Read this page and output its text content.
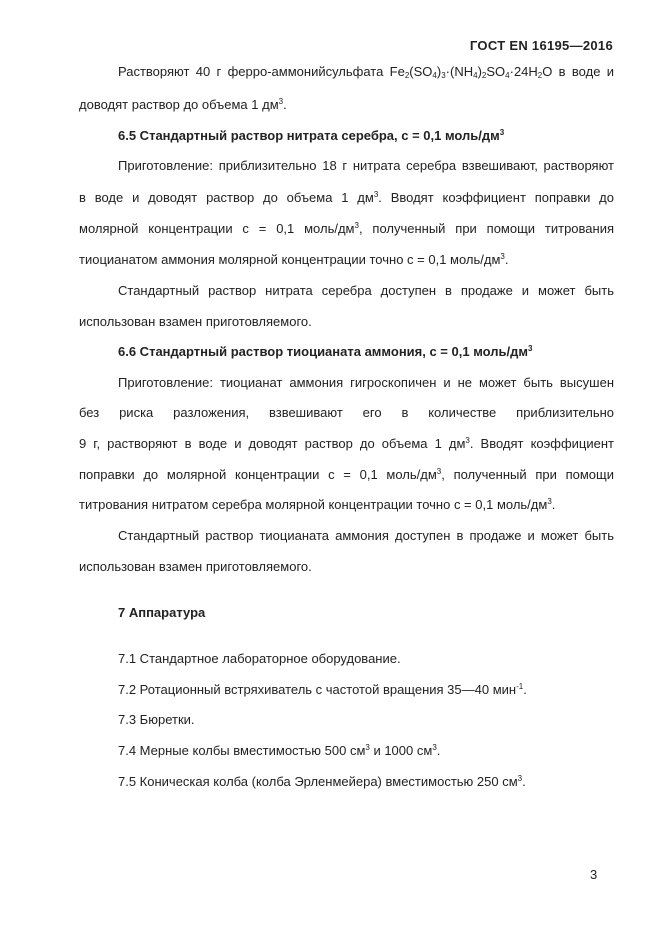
ГОСТ EN 16195—2016
Растворяют 40 г ферро-аммонийсульфата $Fe_2(SO_4)_3\cdot(NH_4)_2SO_4\cdot 24H_2O$ в воде и
доводят раствор до объема 1 $дм^3$.
6.5 Стандартный раствор нитрата серебра, c = 0,1 моль/$дм^3$
Приготовление: приблизительно 18 г нитрата серебра взвешивают, растворяют
в воде и доводят раствор до объема 1 $дм^3$. Вводят коэффициент поправки до
молярной концентрации c = 0,1 моль/$дм^3$, полученный при помощи титрования
тиоцианатом аммония молярной концентрации точно c = 0,1 моль/$дм^3$.
Стандартный раствор нитрата серебра доступен в продаже и может быть
использован взамен приготовляемого.
6.6 Стандартный раствор тиоцианата аммония, c = 0,1 моль/$дм^3$
Приготовление: тиоцианат аммония гигроскопичен и не может быть высушен
без риска разложения, взвешивают его в количестве приблизительно
9 г, растворяют в воде и доводят раствор до объема 1 $дм^3$. Вводят коэффициент
поправки до молярной концентрации c = 0,1 моль/$дм^3$, полученный при помощи
титрования нитратом серебра молярной концентрации точно c = 0,1 моль/$дм^3$.
Стандартный раствор тиоцианата аммония доступен в продаже и может быть
использован взамен приготовляемого.
7 Аппаратура
7.1 Стандартное лабораторное оборудование.
7.2 Ротационный встряхиватель с частотой вращения 35—40 мин$^{-1}$.
7.3 Бюретки.
7.4 Мерные колбы вместимостью 500 $см^3$ и 1000 $см^3$.
7.5 Коническая колба (колба Эрленмейера) вместимостью 250 $см^3$.
3
